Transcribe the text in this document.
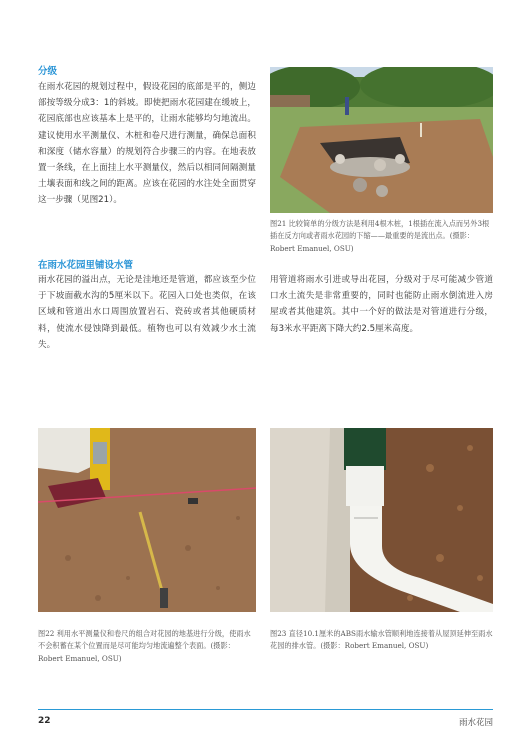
分级
在雨水花园的规划过程中，假设花园的底部是平的，侧边部按等级分成3：1的斜坡。即使把雨水花园建在缓坡上，花园底部也应该基本上是平的，让雨水能够均匀地流出。建议使用水平测量仪、木桩和卷尺进行测量，确保总面积和深度（储水容量）的规划符合步骤三的内容。在地表放置一条线，在上面挂上水平测量仪，然后以相同间隔测量土壤表面和线之间的距离。应该在花园的水注处全面贯穿这一步骤（见图21）。
在雨水花园里铺设水管
雨水花园的溢出点，无论是洼地还是管道，都应该至少位于下坡面截水沟的5厘米以下。花园入口处也类似，在该区域和管道出水口周围放置岩石、瓷砖或者其他硬质材料，使流水侵蚀降到最低。植物也可以有效减少水土流失。
图21 比较简单的分级方法是利用4根木桩，1根插在流入点而另外3根插在反方向或者雨水花园的下缩——最重要的是流出点。(摄影：Robert Emanuel, OSU)
用管道将雨水引进或导出花园，分级对于尽可能减少管道口水土流失是非常重要的，同时也能防止雨水倒流进入房屋或者其他建筑。其中一个好的做法是对管道进行分级，每3米水平距离下降大约2.5厘米高度。
图22 利用水平测量仪和卷尺的组合对花园的地基进行分级，使雨水不会积蓄在某个位置而是尽可能均匀地流遍整个表面。(摄影：Robert Emanuel, OSU)
图23 直径10.1厘米的ABS雨水输水管顺利地连接着从屋顶延伸至雨水花园的排水管。(摄影：Robert Emanuel, OSU)
22	雨水花园
